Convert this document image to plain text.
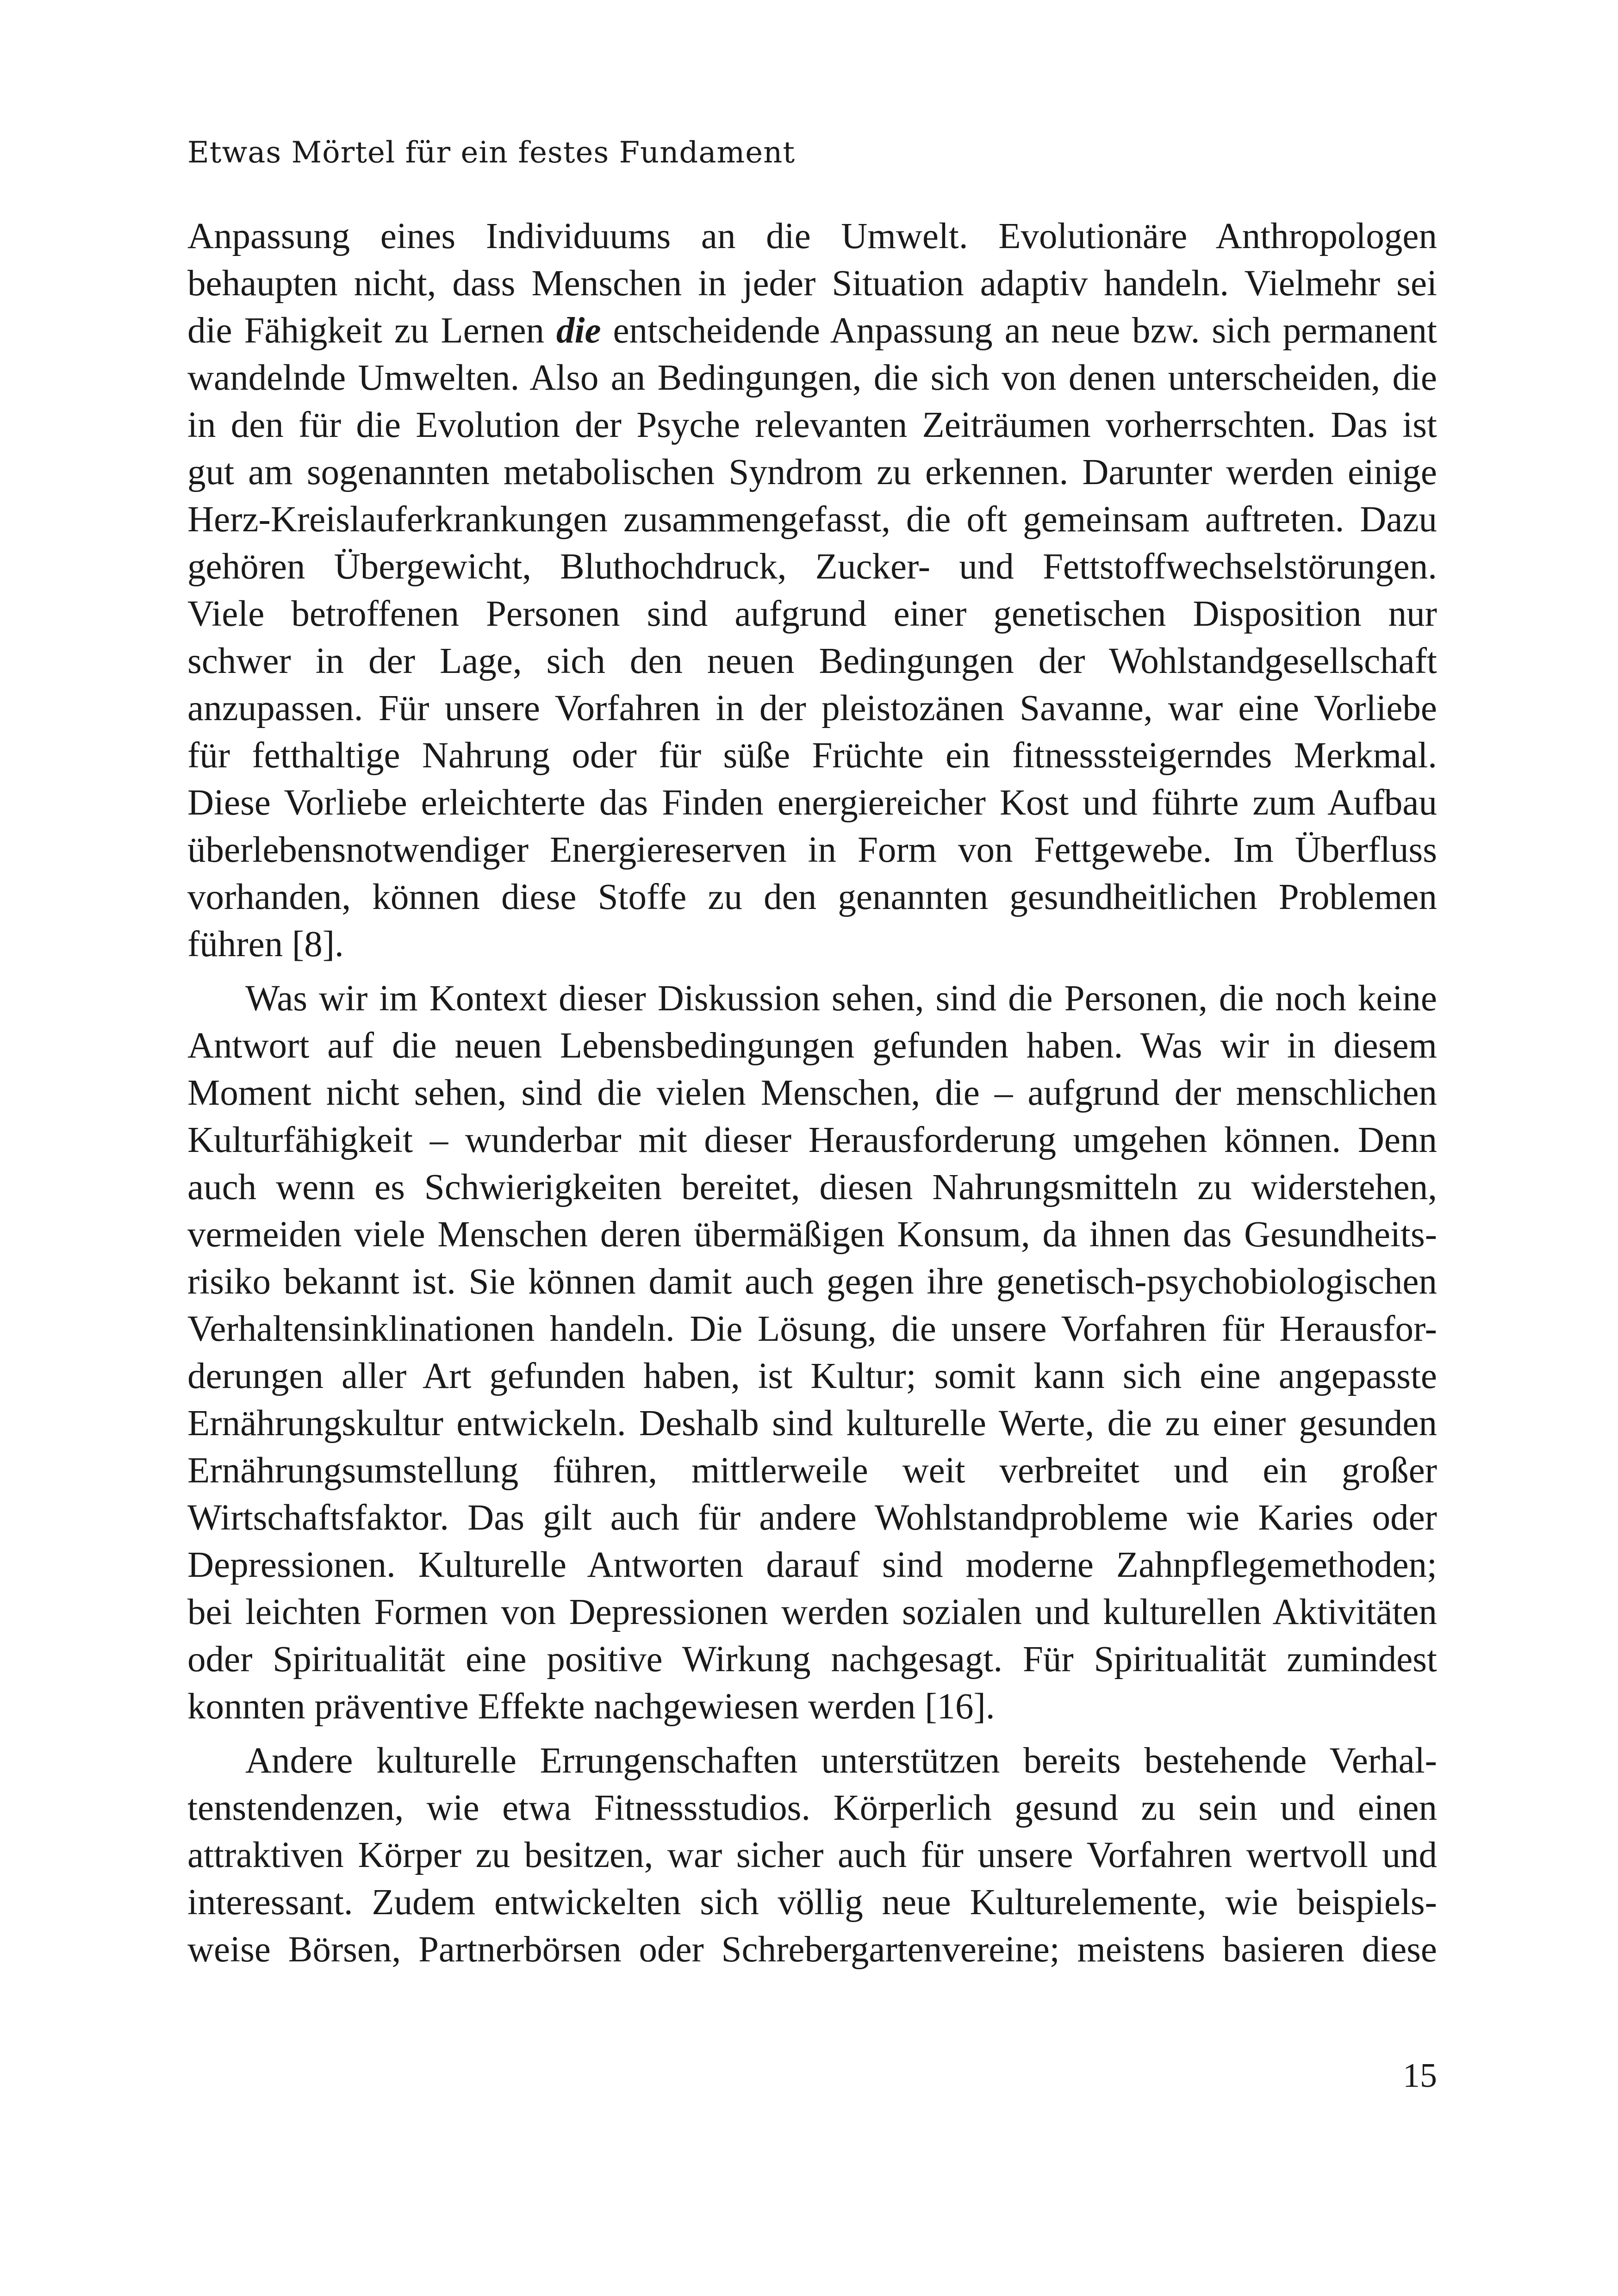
Etwas Mörtel für ein festes Fundament
Anpassung eines Individuums an die Umwelt. Evolutionäre Anthropologen
behaupten nicht, dass Menschen in jeder Situation adaptiv handeln. Vielmehr sei
die Fähigkeit zu Lernen die entscheidende Anpassung an neue bzw. sich permanent
wandelnde Umwelten. Also an Bedingungen, die sich von denen unterscheiden, die
in den für die Evolution der Psyche relevanten Zeiträumen vorherrschten. Das ist
gut am sogenannten metabolischen Syndrom zu erkennen. Darunter werden einige
Herz-Kreislauferkrankungen zusammengefasst, die oft gemeinsam auftreten. Dazu
gehören Übergewicht, Bluthochdruck, Zucker- und Fettstoffwechselstörungen.
Viele betroffenen Personen sind aufgrund einer genetischen Disposition nur
schwer in der Lage, sich den neuen Bedingungen der Wohlstandgesellschaft
anzupassen. Für unsere Vorfahren in der pleistozänen Savanne, war eine Vorliebe
für fetthaltige Nahrung oder für süße Früchte ein fitnesssteigerndes Merkmal.
Diese Vorliebe erleichterte das Finden energiereicher Kost und führte zum Aufbau
überlebensnotwendiger Energiereserven in Form von Fettgewebe. Im Überfluss
vorhanden, können diese Stoffe zu den genannten gesundheitlichen Problemen
führen [8].
Was wir im Kontext dieser Diskussion sehen, sind die Personen, die noch keine
Antwort auf die neuen Lebensbedingungen gefunden haben. Was wir in diesem
Moment nicht sehen, sind die vielen Menschen, die – aufgrund der menschlichen
Kulturfähigkeit – wunderbar mit dieser Herausforderung umgehen können. Denn
auch wenn es Schwierigkeiten bereitet, diesen Nahrungsmitteln zu widerstehen,
vermeiden viele Menschen deren übermäßigen Konsum, da ihnen das Gesundheits-
risiko bekannt ist. Sie können damit auch gegen ihre genetisch-psychobiologischen
Verhaltensinklinationen handeln. Die Lösung, die unsere Vorfahren für Herausfor-
derungen aller Art gefunden haben, ist Kultur; somit kann sich eine angepasste
Ernährungskultur entwickeln. Deshalb sind kulturelle Werte, die zu einer gesunden
Ernährungsumstellung führen, mittlerweile weit verbreitet und ein großer
Wirtschaftsfaktor. Das gilt auch für andere Wohlstandprobleme wie Karies oder
Depressionen. Kulturelle Antworten darauf sind moderne Zahnpflegemethoden;
bei leichten Formen von Depressionen werden sozialen und kulturellen Aktivitäten
oder Spiritualität eine positive Wirkung nachgesagt. Für Spiritualität zumindest
konnten präventive Effekte nachgewiesen werden [16].
Andere kulturelle Errungenschaften unterstützen bereits bestehende Verhal-
tenstendenzen, wie etwa Fitnessstudios. Körperlich gesund zu sein und einen
attraktiven Körper zu besitzen, war sicher auch für unsere Vorfahren wertvoll und
interessant. Zudem entwickelten sich völlig neue Kulturelemente, wie beispiels-
weise Börsen, Partnerbörsen oder Schrebergartenvereine; meistens basieren diese
15
